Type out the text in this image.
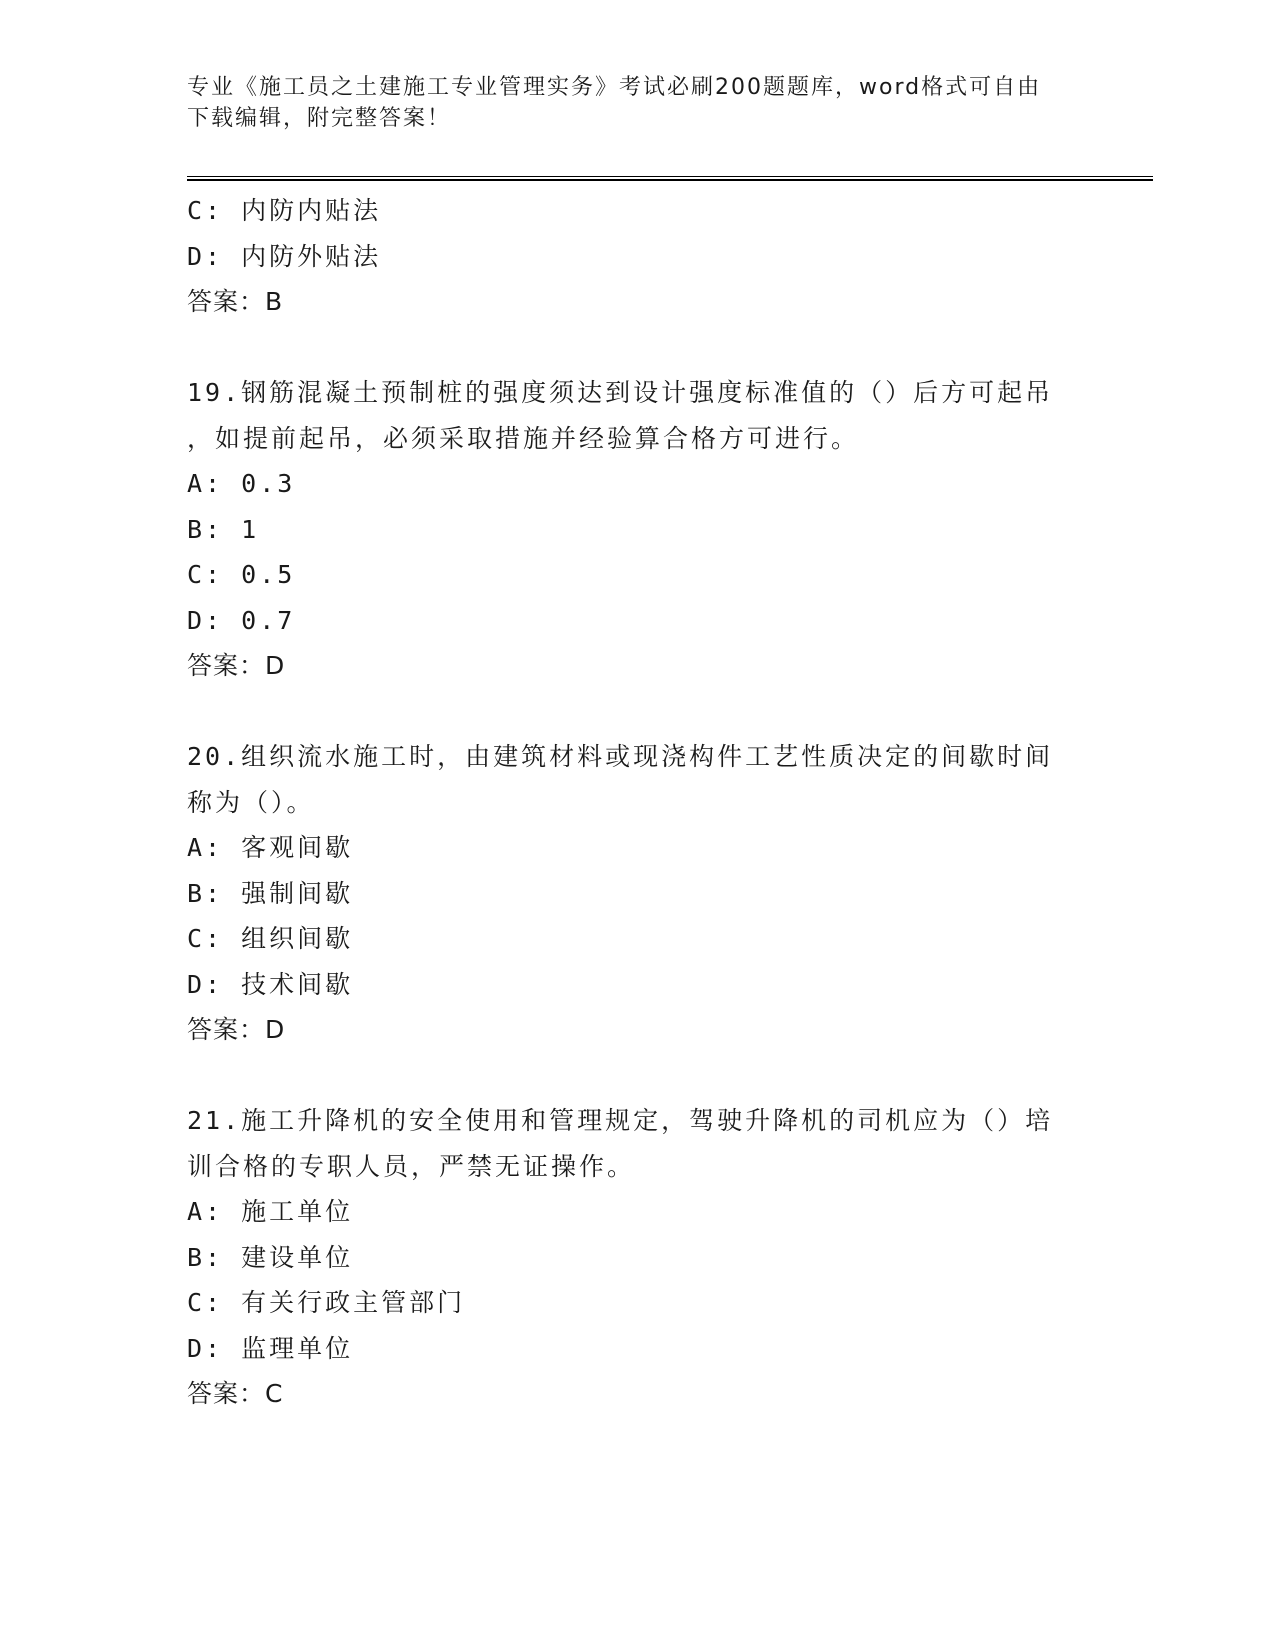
专业《施工员之土建施工专业管理实务》考试必刷200题题库，word格式可自由
下载编辑，附完整答案！
C: 内防内贴法
D: 内防外贴法
答案：B
19.钢筋混凝土预制桩的强度须达到设计强度标准值的（）后方可起吊
，如提前起吊，必须采取措施并经验算合格方可进行。
A: 0.3
B: 1
C: 0.5
D: 0.7
答案：D
20.组织流水施工时，由建筑材料或现浇构件工艺性质决定的间歇时间
称为（）。
A: 客观间歇
B: 强制间歇
C: 组织间歇
D: 技术间歇
答案：D
21.施工升降机的安全使用和管理规定，驾驶升降机的司机应为（）培
训合格的专职人员，严禁无证操作。
A: 施工单位
B: 建设单位
C: 有关行政主管部门
D: 监理单位
答案：C
